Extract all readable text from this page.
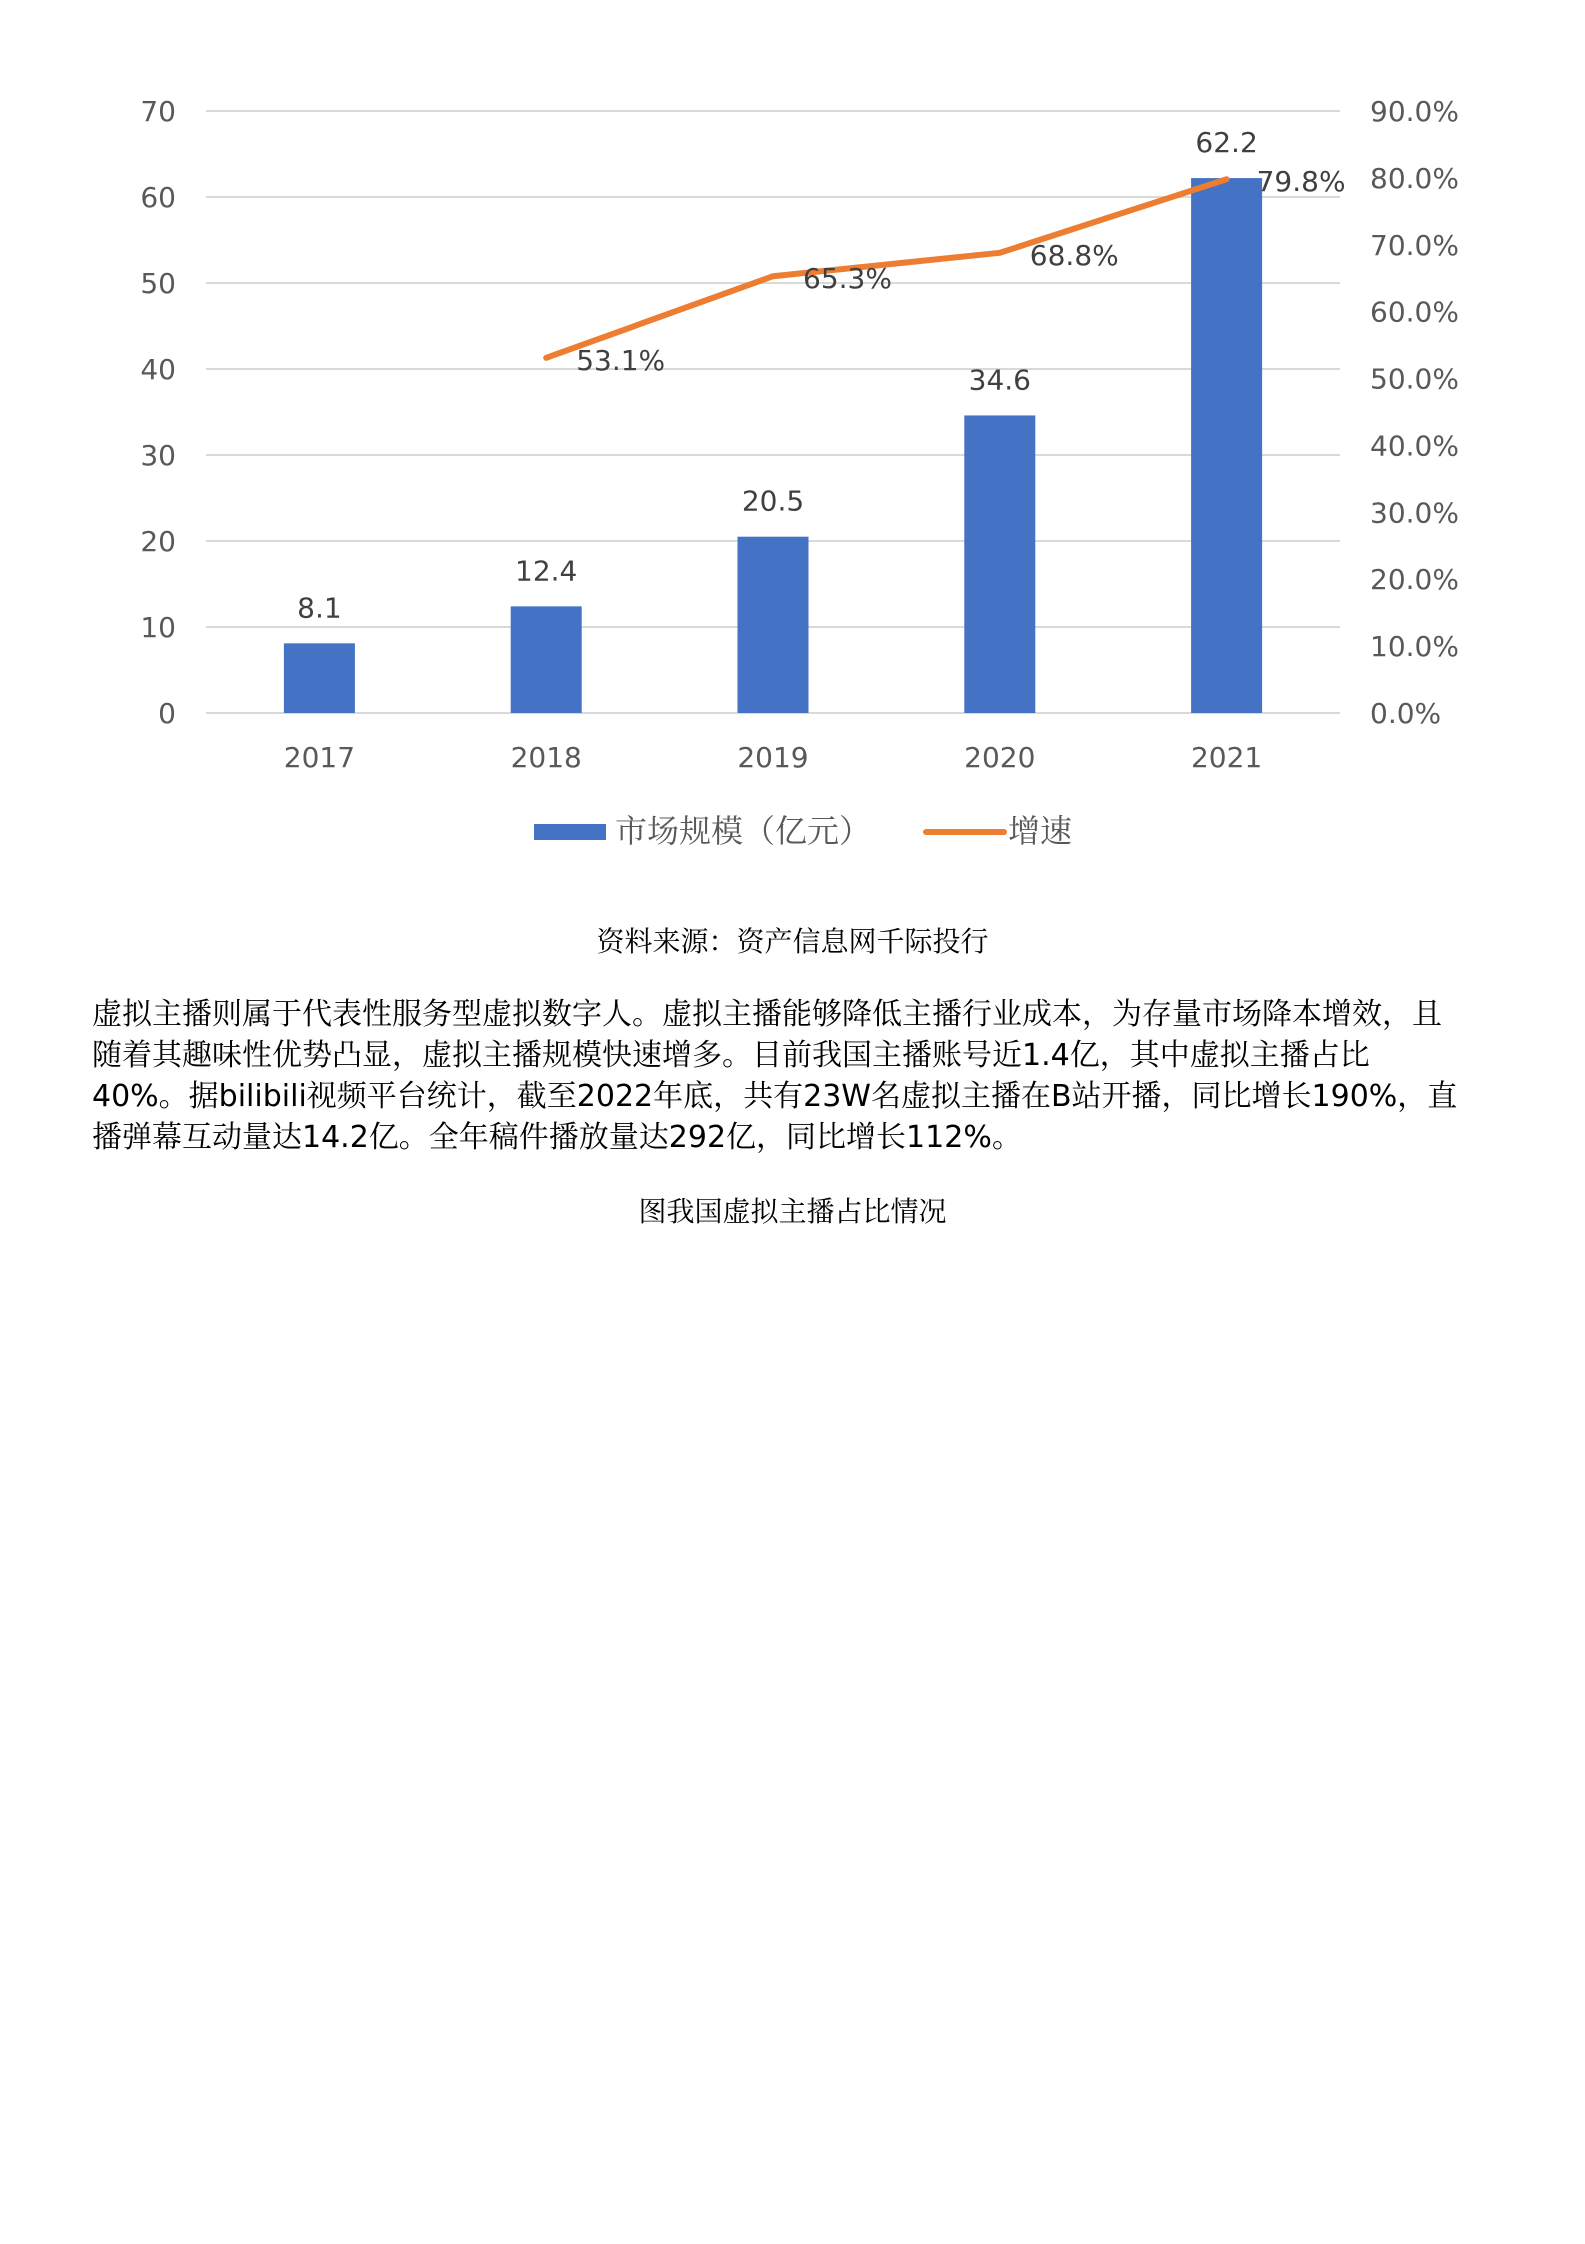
0
10
20
30
40
50
60
70
0.0%
10.0%
20.0%
30.0%
40.0%
50.0%
60.0%
70.0%
80.0%
90.0%
8.1
12.4
20.5
34.6
62.2
53.1%
65.3%
68.8%
79.8%
2017	2018	2019	2020	2021
市场规模（亿元）	增速
资料来源：资产信息网千际投行
虚拟主播则属于代表性服务型虚拟数字人。虚拟主播能够降低主播行业成本，为存量市场降本增效，且
随着其趣味性优势凸显，虚拟主播规模快速增多。目前我国主播账号近1.4亿，其中虚拟主播占比
40%。据bilibili视频平台统计，截至2022年底，共有23W名虚拟主播在B站开播，同比增长190%，直
播弹幕互动量达14.2亿。全年稿件播放量达292亿，同比增长112%。
图我国虚拟主播占比情况
